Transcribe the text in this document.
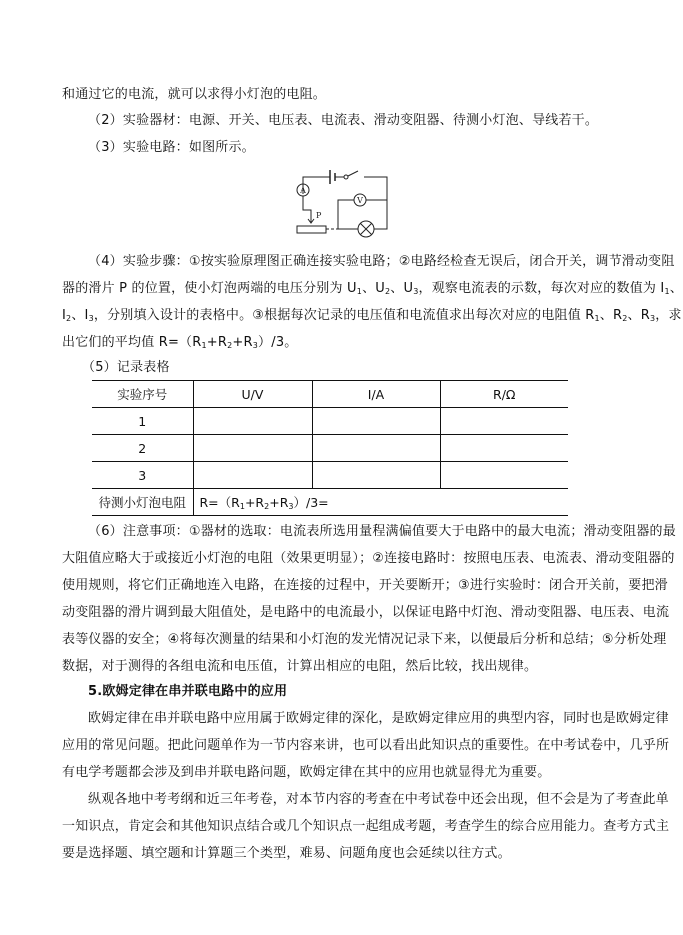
和通过它的电流，就可以求得小灯泡的电阻。
（2）实验器材：电源、开关、电压表、电流表、滑动变阻器、待测小灯泡、导线若干。
（3）实验电路：如图所示。
A
V
P
（4）实验步骤：①按实验原理图正确连接实验电路；②电路经检查无误后，闭合开关，调节滑动变阻
器的滑片 P 的位置，使小灯泡两端的电压分别为 $U_1$、$U_2$、$U_3$，观察电流表的示数，每次对应的数值为 $I_1$、
$I_2$、$I_3$，分别填入设计的表格中。③根据每次记录的电压值和电流值求出每次对应的电阻值 $R_1$、$R_2$、$R_3$，求
出它们的平均值 $R=(R_1+R_2+R_3)/3$。
（5）记录表格
实验序号	U/V	I/A	R/Ω
1			
2			
3			
待测小灯泡电阻	$R=(R_1+R_2+R_3)/3=$		
（6）注意事项：①器材的选取：电流表所选用量程满偏值要大于电路中的最大电流；滑动变阻器的最
大阻值应略大于或接近小灯泡的电阻（效果更明显）；②连接电路时：按照电压表、电流表、滑动变阻器的
使用规则，将它们正确地连入电路，在连接的过程中，开关要断开；③进行实验时：闭合开关前，要把滑
动变阻器的滑片调到最大阻值处，是电路中的电流最小，以保证电路中灯泡、滑动变阻器、电压表、电流
表等仪器的安全；④将每次测量的结果和小灯泡的发光情况记录下来，以便最后分析和总结；⑤分析处理
数据，对于测得的各组电流和电压值，计算出相应的电阻，然后比较，找出规律。
5.欧姆定律在串并联电路中的应用
欧姆定律在串并联电路中应用属于欧姆定律的深化，是欧姆定律应用的典型内容，同时也是欧姆定律
应用的常见问题。把此问题单作为一节内容来讲，也可以看出此知识点的重要性。在中考试卷中，几乎所
有电学考题都会涉及到串并联电路问题，欧姆定律在其中的应用也就显得尤为重要。
纵观各地中考考纲和近三年考卷，对本节内容的考查在中考试卷中还会出现，但不会是为了考查此单
一知识点，肯定会和其他知识点结合或几个知识点一起组成考题，考查学生的综合应用能力。查考方式主
要是选择题、填空题和计算题三个类型，难易、问题角度也会延续以往方式。
